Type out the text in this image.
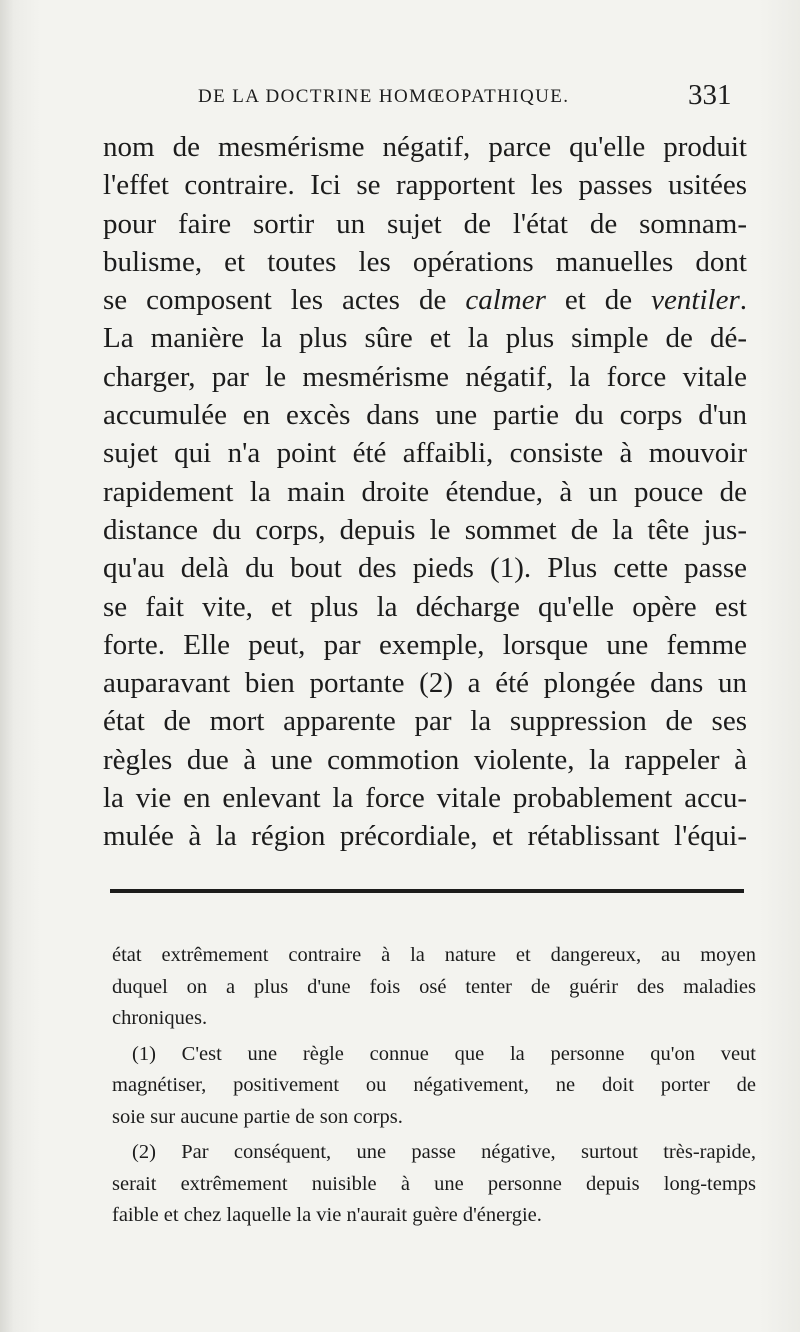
DE LA DOCTRINE HOMŒOPATHIQUE.	331
nom de mesmérisme négatif, parce qu'elle produit
l'effet contraire. Ici se rapportent les passes usitées
pour faire sortir un sujet de l'état de somnam-
bulisme, et toutes les opérations manuelles dont
se composent les actes de calmer et de ventiler.
La manière la plus sûre et la plus simple de dé-
charger, par le mesmérisme négatif, la force vitale
accumulée en excès dans une partie du corps d'un
sujet qui n'a point été affaibli, consiste à mouvoir
rapidement la main droite étendue, à un pouce de
distance du corps, depuis le sommet de la tête jus-
qu'au delà du bout des pieds (1). Plus cette passe
se fait vite, et plus la décharge qu'elle opère est
forte. Elle peut, par exemple, lorsque une femme
auparavant bien portante (2) a été plongée dans un
état de mort apparente par la suppression de ses
règles due à une commotion violente, la rappeler à
la vie en enlevant la force vitale probablement accu-
mulée à la région précordiale, et rétablissant l'équi-
état extrêmement contraire à la nature et dangereux, au moyen
duquel on a plus d'une fois osé tenter de guérir des maladies
chroniques.
(1) C'est une règle connue que la personne qu'on veut
magnétiser, positivement ou négativement, ne doit porter de
soie sur aucune partie de son corps.
(2) Par conséquent, une passe négative, surtout très-rapide,
serait extrêmement nuisible à une personne depuis long-temps
faible et chez laquelle la vie n'aurait guère d'énergie.
